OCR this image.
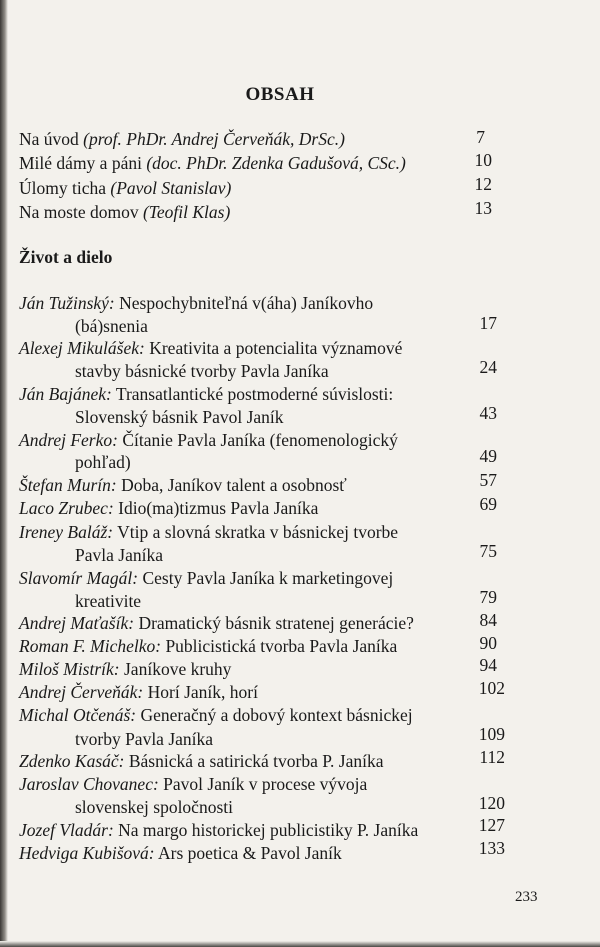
OBSAH
Na úvod (prof. PhDr. Andrej Červeňák, DrSc.)	7
Milé dámy a páni (doc. PhDr. Zdenka Gadušová, CSc.)	10
Úlomy ticha (Pavol Stanislav)	12
Na moste domov (Teofil Klas)	13
Život a dielo
Ján Tužinský: Nespochybniteľná v(áha) Janíkovho
(bá)snenia	17
Alexej Mikulášek: Kreativita a potencialita významové
stavby básnické tvorby Pavla Janíka	24
Ján Bajánek: Transatlantické postmoderné súvislosti:
Slovenský básnik Pavol Janík	43
Andrej Ferko: Čítanie Pavla Janíka (fenomenologický
pohľad)	49
Štefan Murín: Doba, Janíkov talent a osobnosť	57
Laco Zrubec: Idio(ma)tizmus Pavla Janíka	69
Ireney Baláž: Vtip a slovná skratka v básnickej tvorbe
Pavla Janíka	75
Slavomír Magál: Cesty Pavla Janíka k marketingovej
kreativite	79
Andrej Maťašík: Dramatický básnik stratenej generácie?	84
Roman F. Michelko: Publicistická tvorba Pavla Janíka	90
Miloš Mistrík: Janíkove kruhy	94
Andrej Červeňák: Horí Janík, horí	102
Michal Otčenáš: Generačný a dobový kontext básnickej
tvorby Pavla Janíka	109
Zdenko Kasáč: Básnická a satirická tvorba P. Janíka	112
Jaroslav Chovanec: Pavol Janík v procese vývoja
slovenskej spoločnosti	120
Jozef Vladár: Na margo historickej publicistiky P. Janíka	127
Hedviga Kubišová: Ars poetica & Pavol Janík	133
233
